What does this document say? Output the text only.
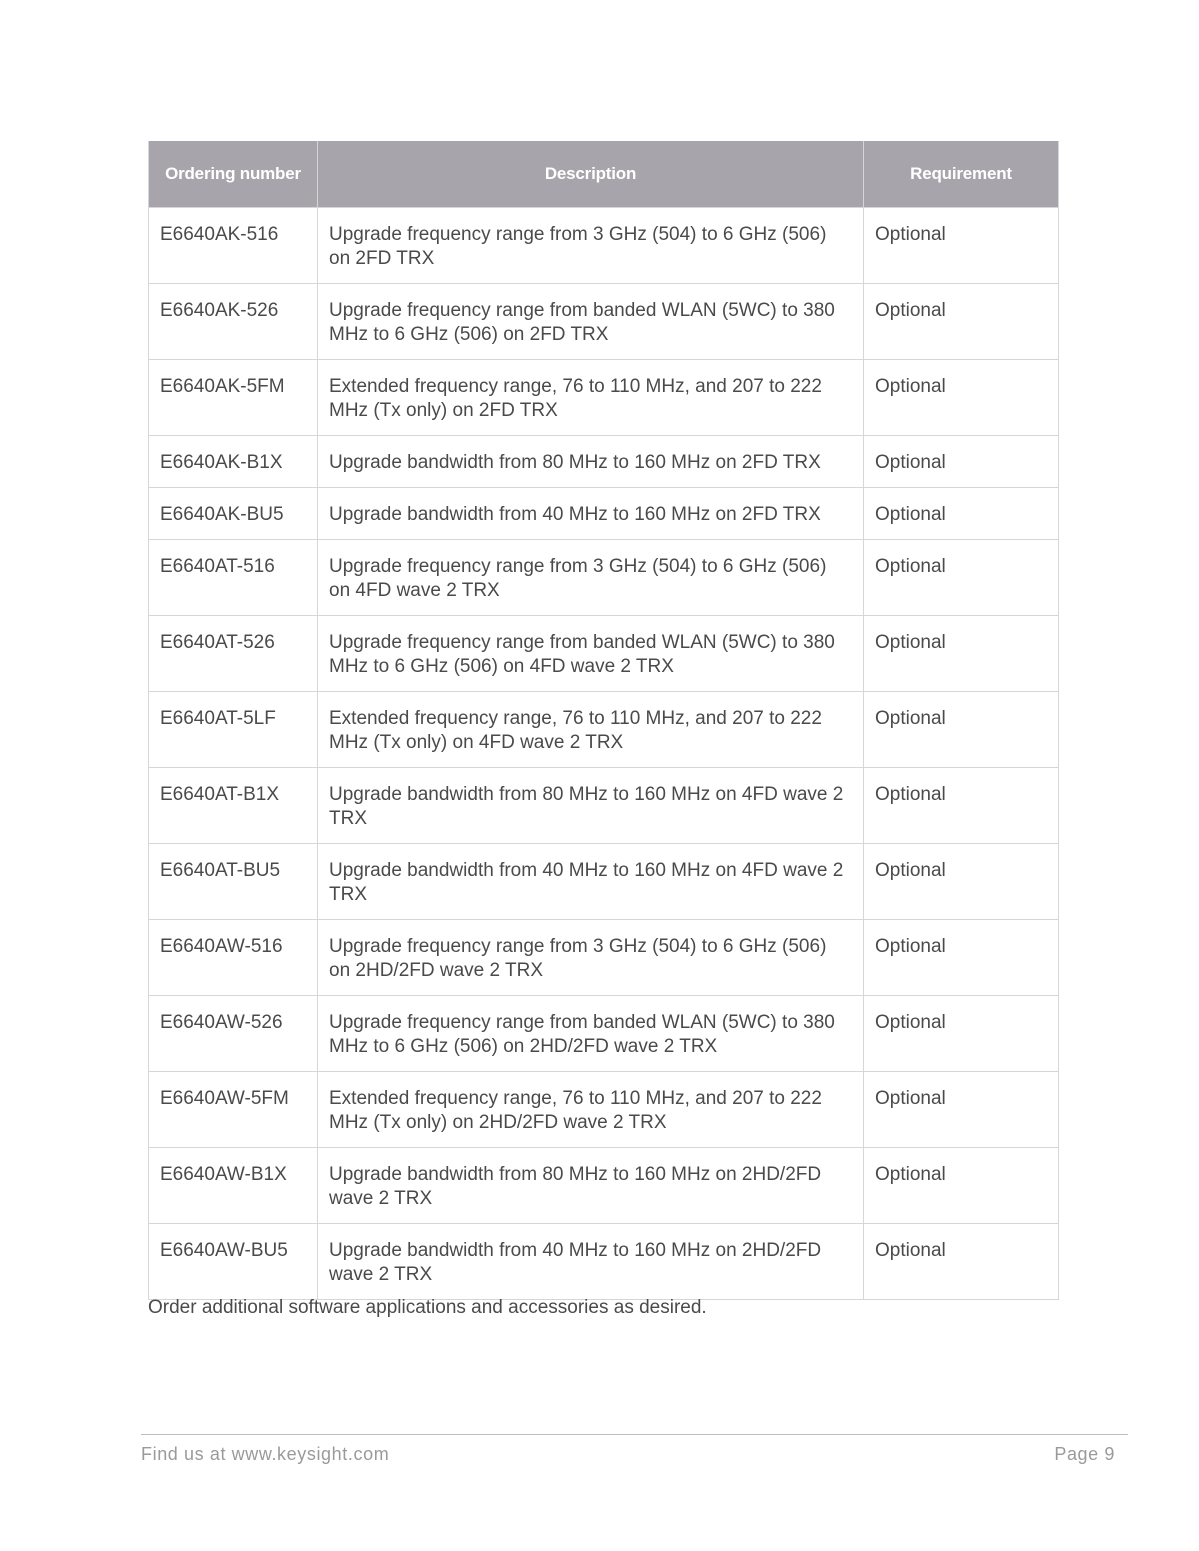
Ordering number	Description	Requirement
E6640AK-516	Upgrade frequency range from 3 GHz (504) to 6 GHz (506) on 2FD TRX	Optional
E6640AK-526	Upgrade frequency range from banded WLAN (5WC) to 380 MHz to 6 GHz (506) on 2FD TRX	Optional
E6640AK-5FM	Extended frequency range, 76 to 110 MHz, and 207 to 222 MHz (Tx only) on 2FD TRX	Optional
E6640AK-B1X	Upgrade bandwidth from 80 MHz to 160 MHz on 2FD TRX	Optional
E6640AK-BU5	Upgrade bandwidth from 40 MHz to 160 MHz on 2FD TRX	Optional
E6640AT-516	Upgrade frequency range from 3 GHz (504) to 6 GHz (506) on 4FD wave 2 TRX	Optional
E6640AT-526	Upgrade frequency range from banded WLAN (5WC) to 380 MHz to 6 GHz (506) on 4FD wave 2 TRX	Optional
E6640AT-5LF	Extended frequency range, 76 to 110 MHz, and 207 to 222 MHz (Tx only) on 4FD wave 2 TRX	Optional
E6640AT-B1X	Upgrade bandwidth from 80 MHz to 160 MHz on 4FD wave 2 TRX	Optional
E6640AT-BU5	Upgrade bandwidth from 40 MHz to 160 MHz on 4FD wave 2 TRX	Optional
E6640AW-516	Upgrade frequency range from 3 GHz (504) to 6 GHz (506) on 2HD/2FD wave 2 TRX	Optional
E6640AW-526	Upgrade frequency range from banded WLAN (5WC) to 380 MHz to 6 GHz (506) on 2HD/2FD wave 2 TRX	Optional
E6640AW-5FM	Extended frequency range, 76 to 110 MHz, and 207 to 222 MHz (Tx only) on 2HD/2FD wave 2 TRX	Optional
E6640AW-B1X	Upgrade bandwidth from 80 MHz to 160 MHz on 2HD/2FD wave 2 TRX	Optional
E6640AW-BU5	Upgrade bandwidth from 40 MHz to 160 MHz on 2HD/2FD wave 2 TRX	Optional
Order additional software applications and accessories as desired.
Find us at www.keysight.com	Page 9
